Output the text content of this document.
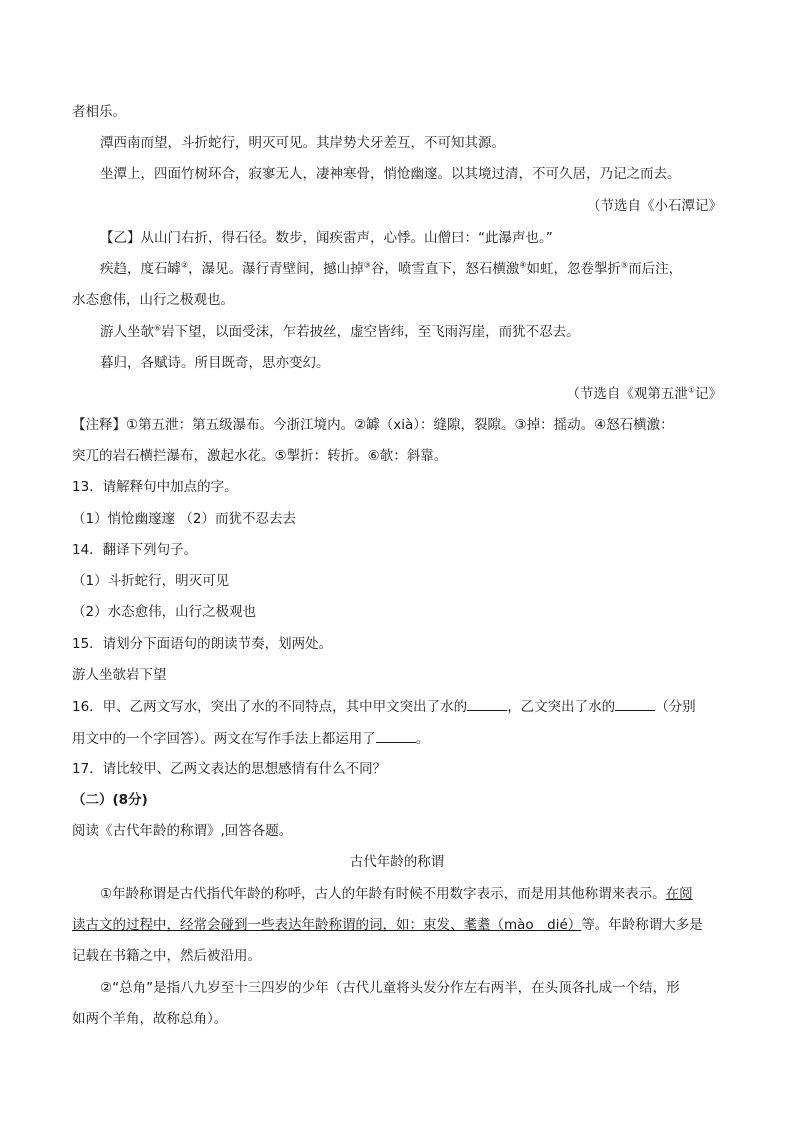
者相乐。
潭西南而望，斗折蛇行，明灭可见。其岸势犬牙差互，不可知其源。
坐潭上，四面竹树环合，寂寥无人，凄神寒骨，悄怆幽邃。以其境过清，不可久居，乃记之而去。
（节选自《小石潭记》
【乙】从山门右折，得石径。数步，闻疾雷声，心悸。山僧曰：“此瀑声也。”
疾趋，度石罅②，瀑见。瀑行青壁间，撼山掉③谷，喷雪直下，怒石横激④如虹，忽卷掣折⑤而后注，
水态愈伟，山行之极观也。
游人坐欹⑥岩下望，以面受沫，乍若披丝，虚空皆纬，至飞雨泻崖，而犹不忍去。
暮归，各赋诗。所目既奇，思亦变幻。
（节选自《观第五泄①记》
【注释】①第五泄：第五级瀑布。今浙江境内。②罅（xià）：缝隙，裂隙。③掉：摇动。④怒石横激：
突兀的岩石横拦瀑布，激起水花。⑤掣折：转折。⑥欹：斜靠。
13．请解释句中加点的字。
（1）悄怆幽邃邃 （2）而犹不忍去去
14．翻译下列句子。
（1）斗折蛇行，明灭可见
（2）水态愈伟，山行之极观也
15．请划分下面语句的朗读节奏，划两处。
游人坐欹岩下望
16．甲、乙两文写水，突出了水的不同特点，其中甲文突出了水的	，乙文突出了水的	（分别
用文中的一个字回答）。两文在写作手法上都运用了	。
17．请比较甲、乙两文表达的思想感情有什么不同？
（二）(8分)
阅读《古代年龄的称谓》,回答各题。
古代年龄的称谓
①年龄称谓是古代指代年龄的称呼，古人的年龄有时候不用数字表示，而是用其他称谓来表示。在阅
读古文的过程中，经常会碰到一些表达年龄称谓的词，如：束发、耄耋（mào　dié）等。年龄称谓大多是
记载在书籍之中，然后被沿用。
②“总角”是指八九岁至十三四岁的少年（古代儿童将头发分作左右两半，在头顶各扎成一个结，形
如两个羊角，故称总角）。
